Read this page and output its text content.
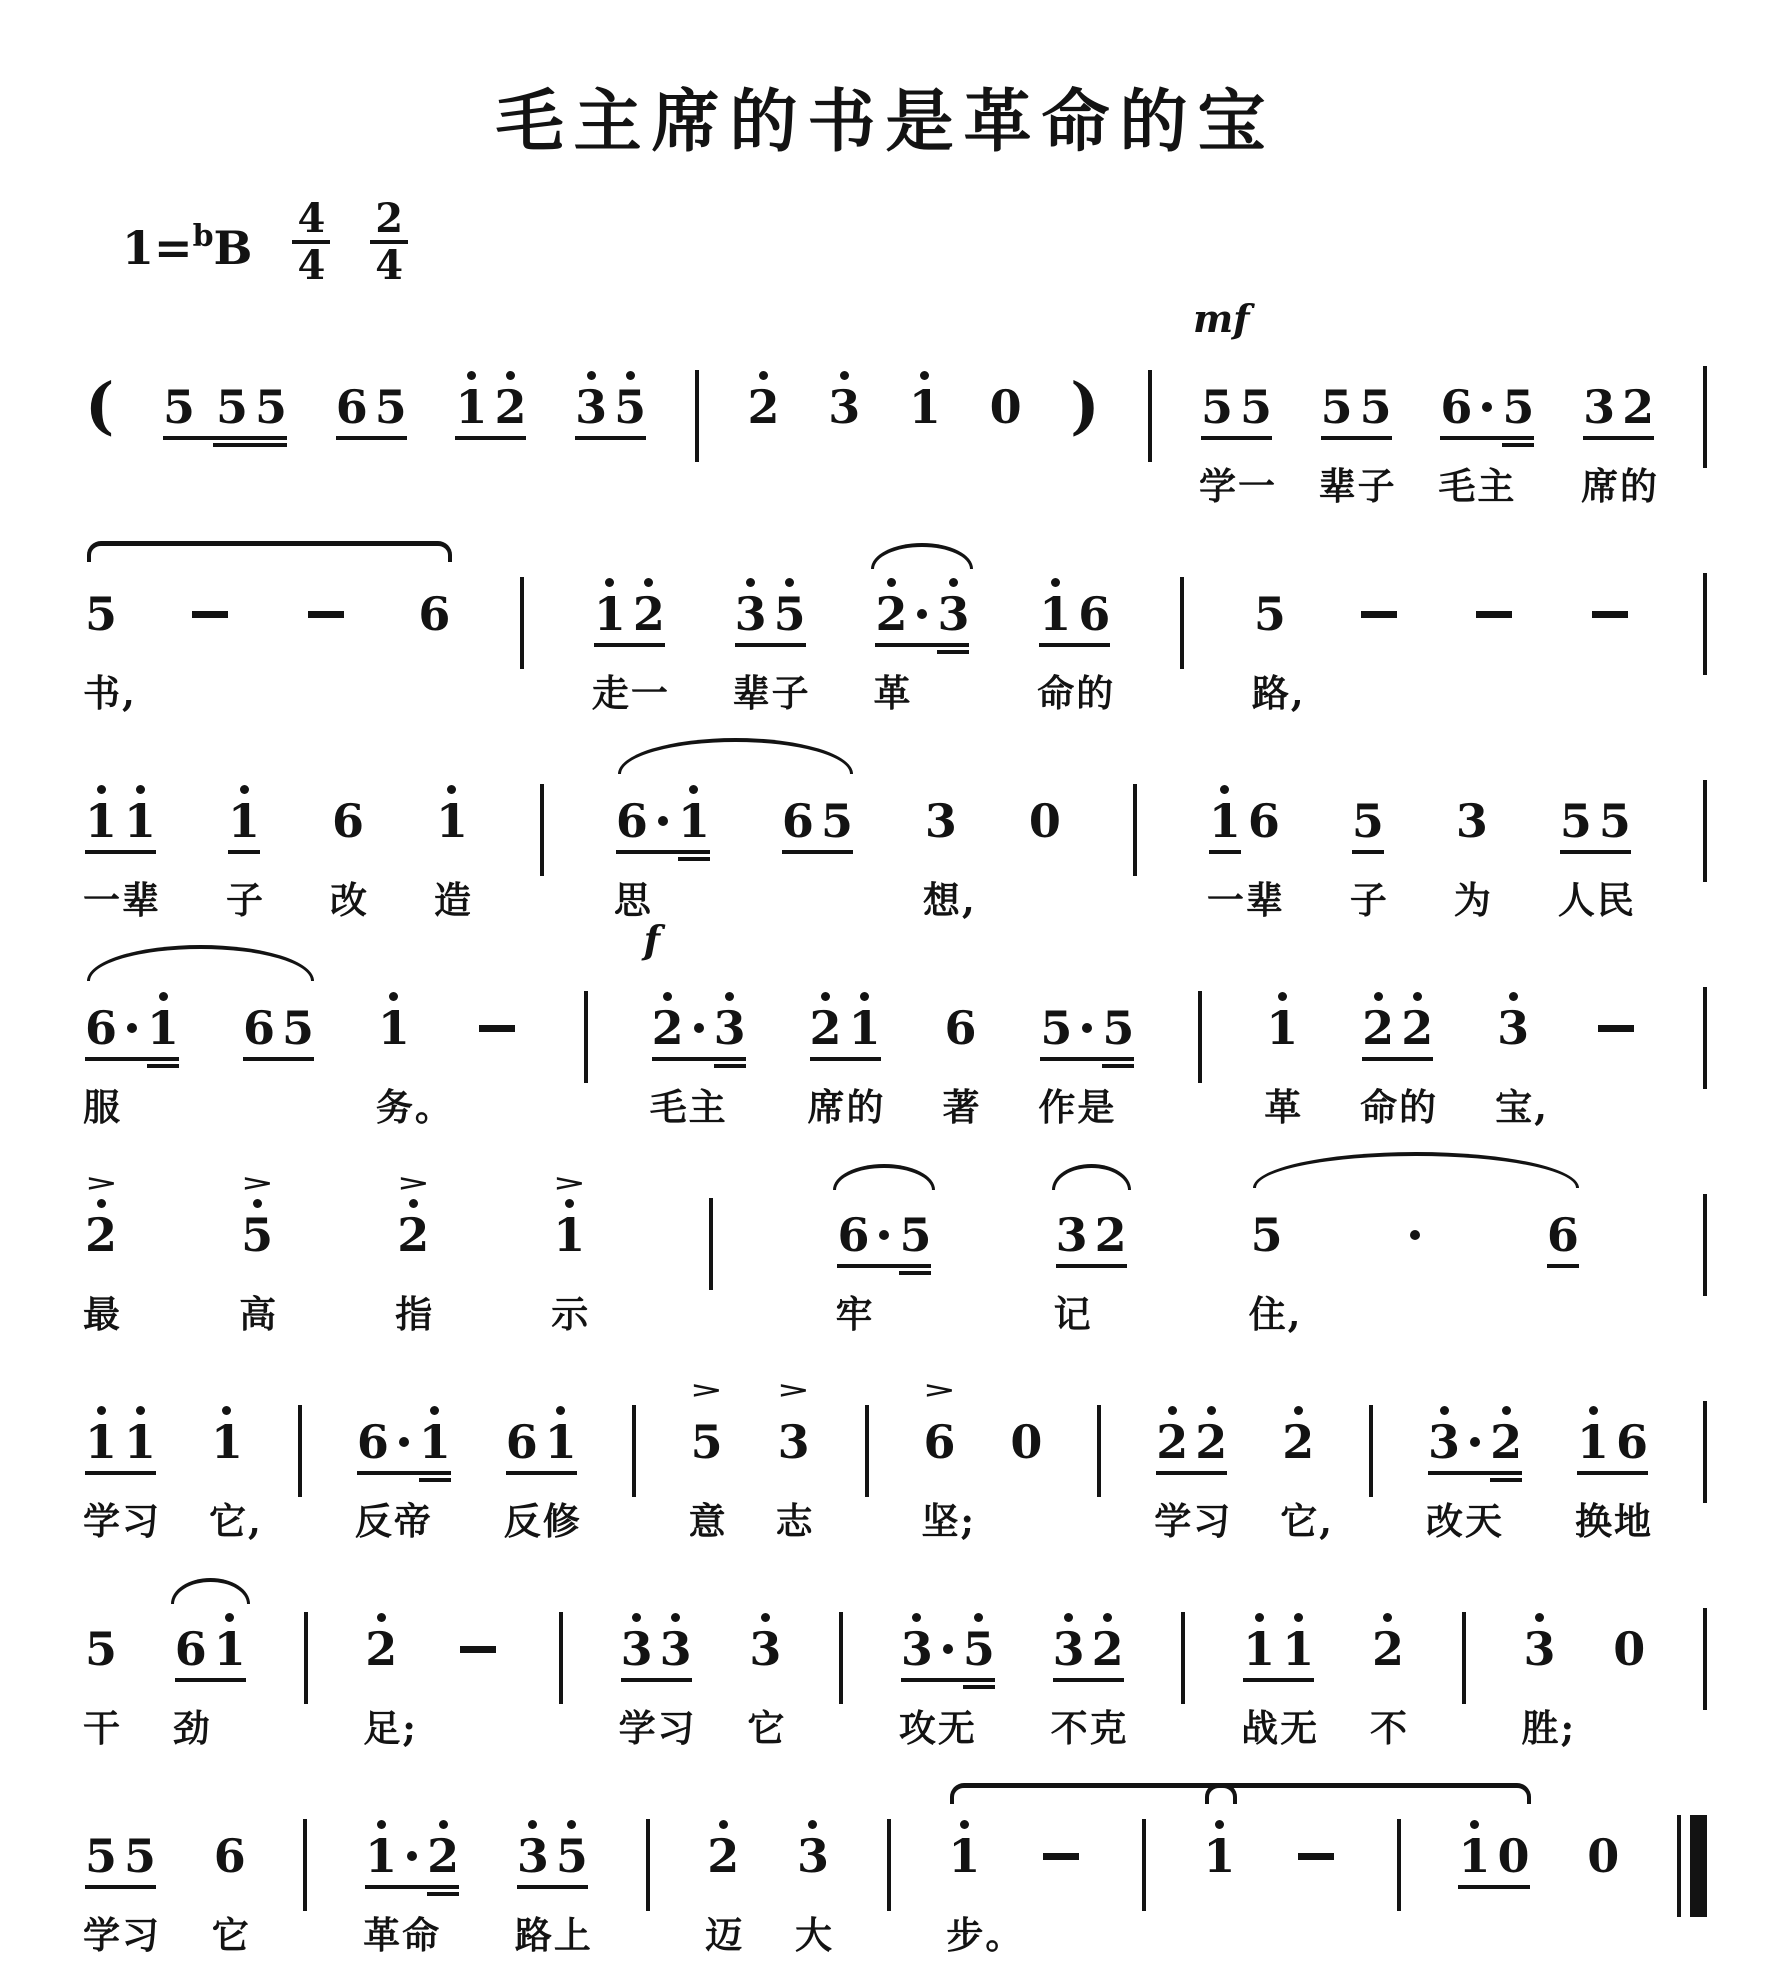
毛主席的书是革命的宝
$1=^bB \frac{4}{4} \frac{2}{4}$
( 5 5 5 6 5 1 2 3 5 2 3 1 0 ) 5 5
mf
学一
5 5
辈子
6 5
毛主
3 2
席的
5
书,
6	1 2
走一
3 5
辈子
2 3
革
1 6
命的
5
路,
1 1
一辈
1
子
6
改
1
造
6 1
思
6 5 3
想,
0	1 6
一辈
5
子
3
为
5 5
人民
6 1
服
6 5 1
务。
2 3
f
毛主
2 1
席的
6
著
5 5
作是
1
革
2 2
命的
3
宝,
>
2
最
>
5
高
>
2
指
>
1
示
6 5
牢
3 2
记
5
住,
6
1 1
学习
1
它,
6 1
反帝
6 1
反修
>
5
意
>
3
志
>
6
坚;
0 2 2
学习
2
它,
3 2
改天
1 6
换地
5
干
6 1
劲
2
足;
3 3
学习
3
它
3 5
攻无
3 2
不克
1 1
战无
2
不
3
胜;
0
5 5
学习
6
它
1 2
革命
3 5
路上
2
迈
3
大
1
步。
1	1 0 0
